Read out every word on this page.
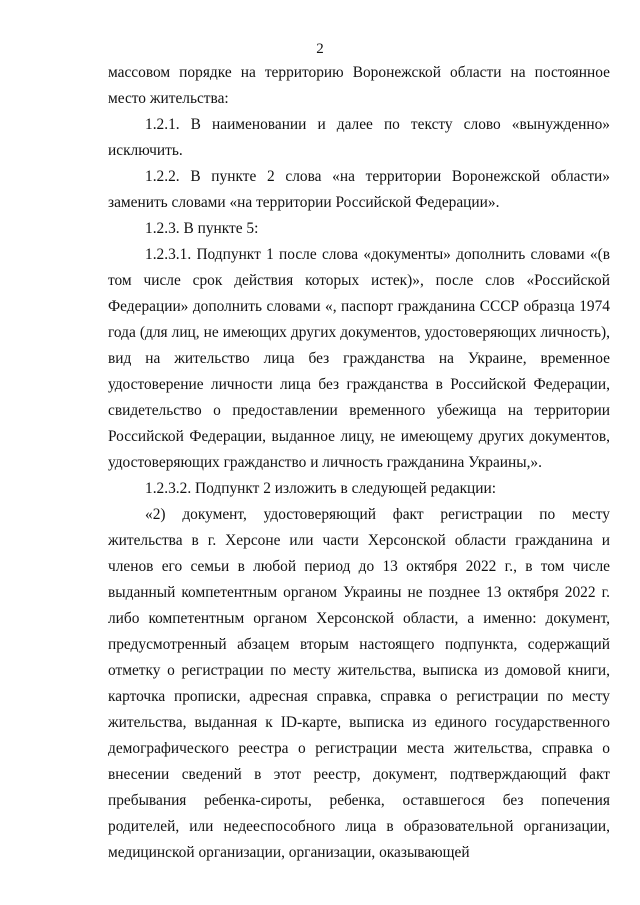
2

массовом порядке на территорию Воронежской области на постоянное место жительства:

1.2.1. В наименовании и далее по тексту слово «вынужденно» исключить.

1.2.2. В пункте 2 слова «на территории Воронежской области» заменить словами «на территории Российской Федерации».

1.2.3. В пункте 5:

1.2.3.1. Подпункт 1 после слова «документы» дополнить словами «(в том числе срок действия которых истек)», после слов «Российской Федерации» дополнить словами «, паспорт гражданина СССР образца 1974 года (для лиц, не имеющих других документов, удостоверяющих личность), вид на жительство лица без гражданства на Украине, временное удостоверение личности лица без гражданства в Российской Федерации, свидетельство о предоставлении временного убежища на территории Российской Федерации, выданное лицу, не имеющему других документов, удостоверяющих гражданство и личность гражданина Украины,».

1.2.3.2. Подпункт 2 изложить в следующей редакции:

«2) документ, удостоверяющий факт регистрации по месту жительства в г. Херсоне или части Херсонской области гражданина и членов его семьи в любой период до 13 октября 2022 г., в том числе выданный компетентным органом Украины не позднее 13 октября 2022 г. либо компетентным органом Херсонской области, а именно: документ, предусмотренный абзацем вторым настоящего подпункта, содержащий отметку о регистрации по месту жительства, выписка из домовой книги, карточка прописки, адресная справка, справка о регистрации по месту жительства, выданная к ID-карте, выписка из единого государственного демографического реестра о регистрации места жительства, справка о внесении сведений в этот реестр, документ, подтверждающий факт пребывания ребенка-сироты, ребенка, оставшегося без попечения родителей, или недееспособного лица в образовательной организации, медицинской организации, организации, оказывающей
